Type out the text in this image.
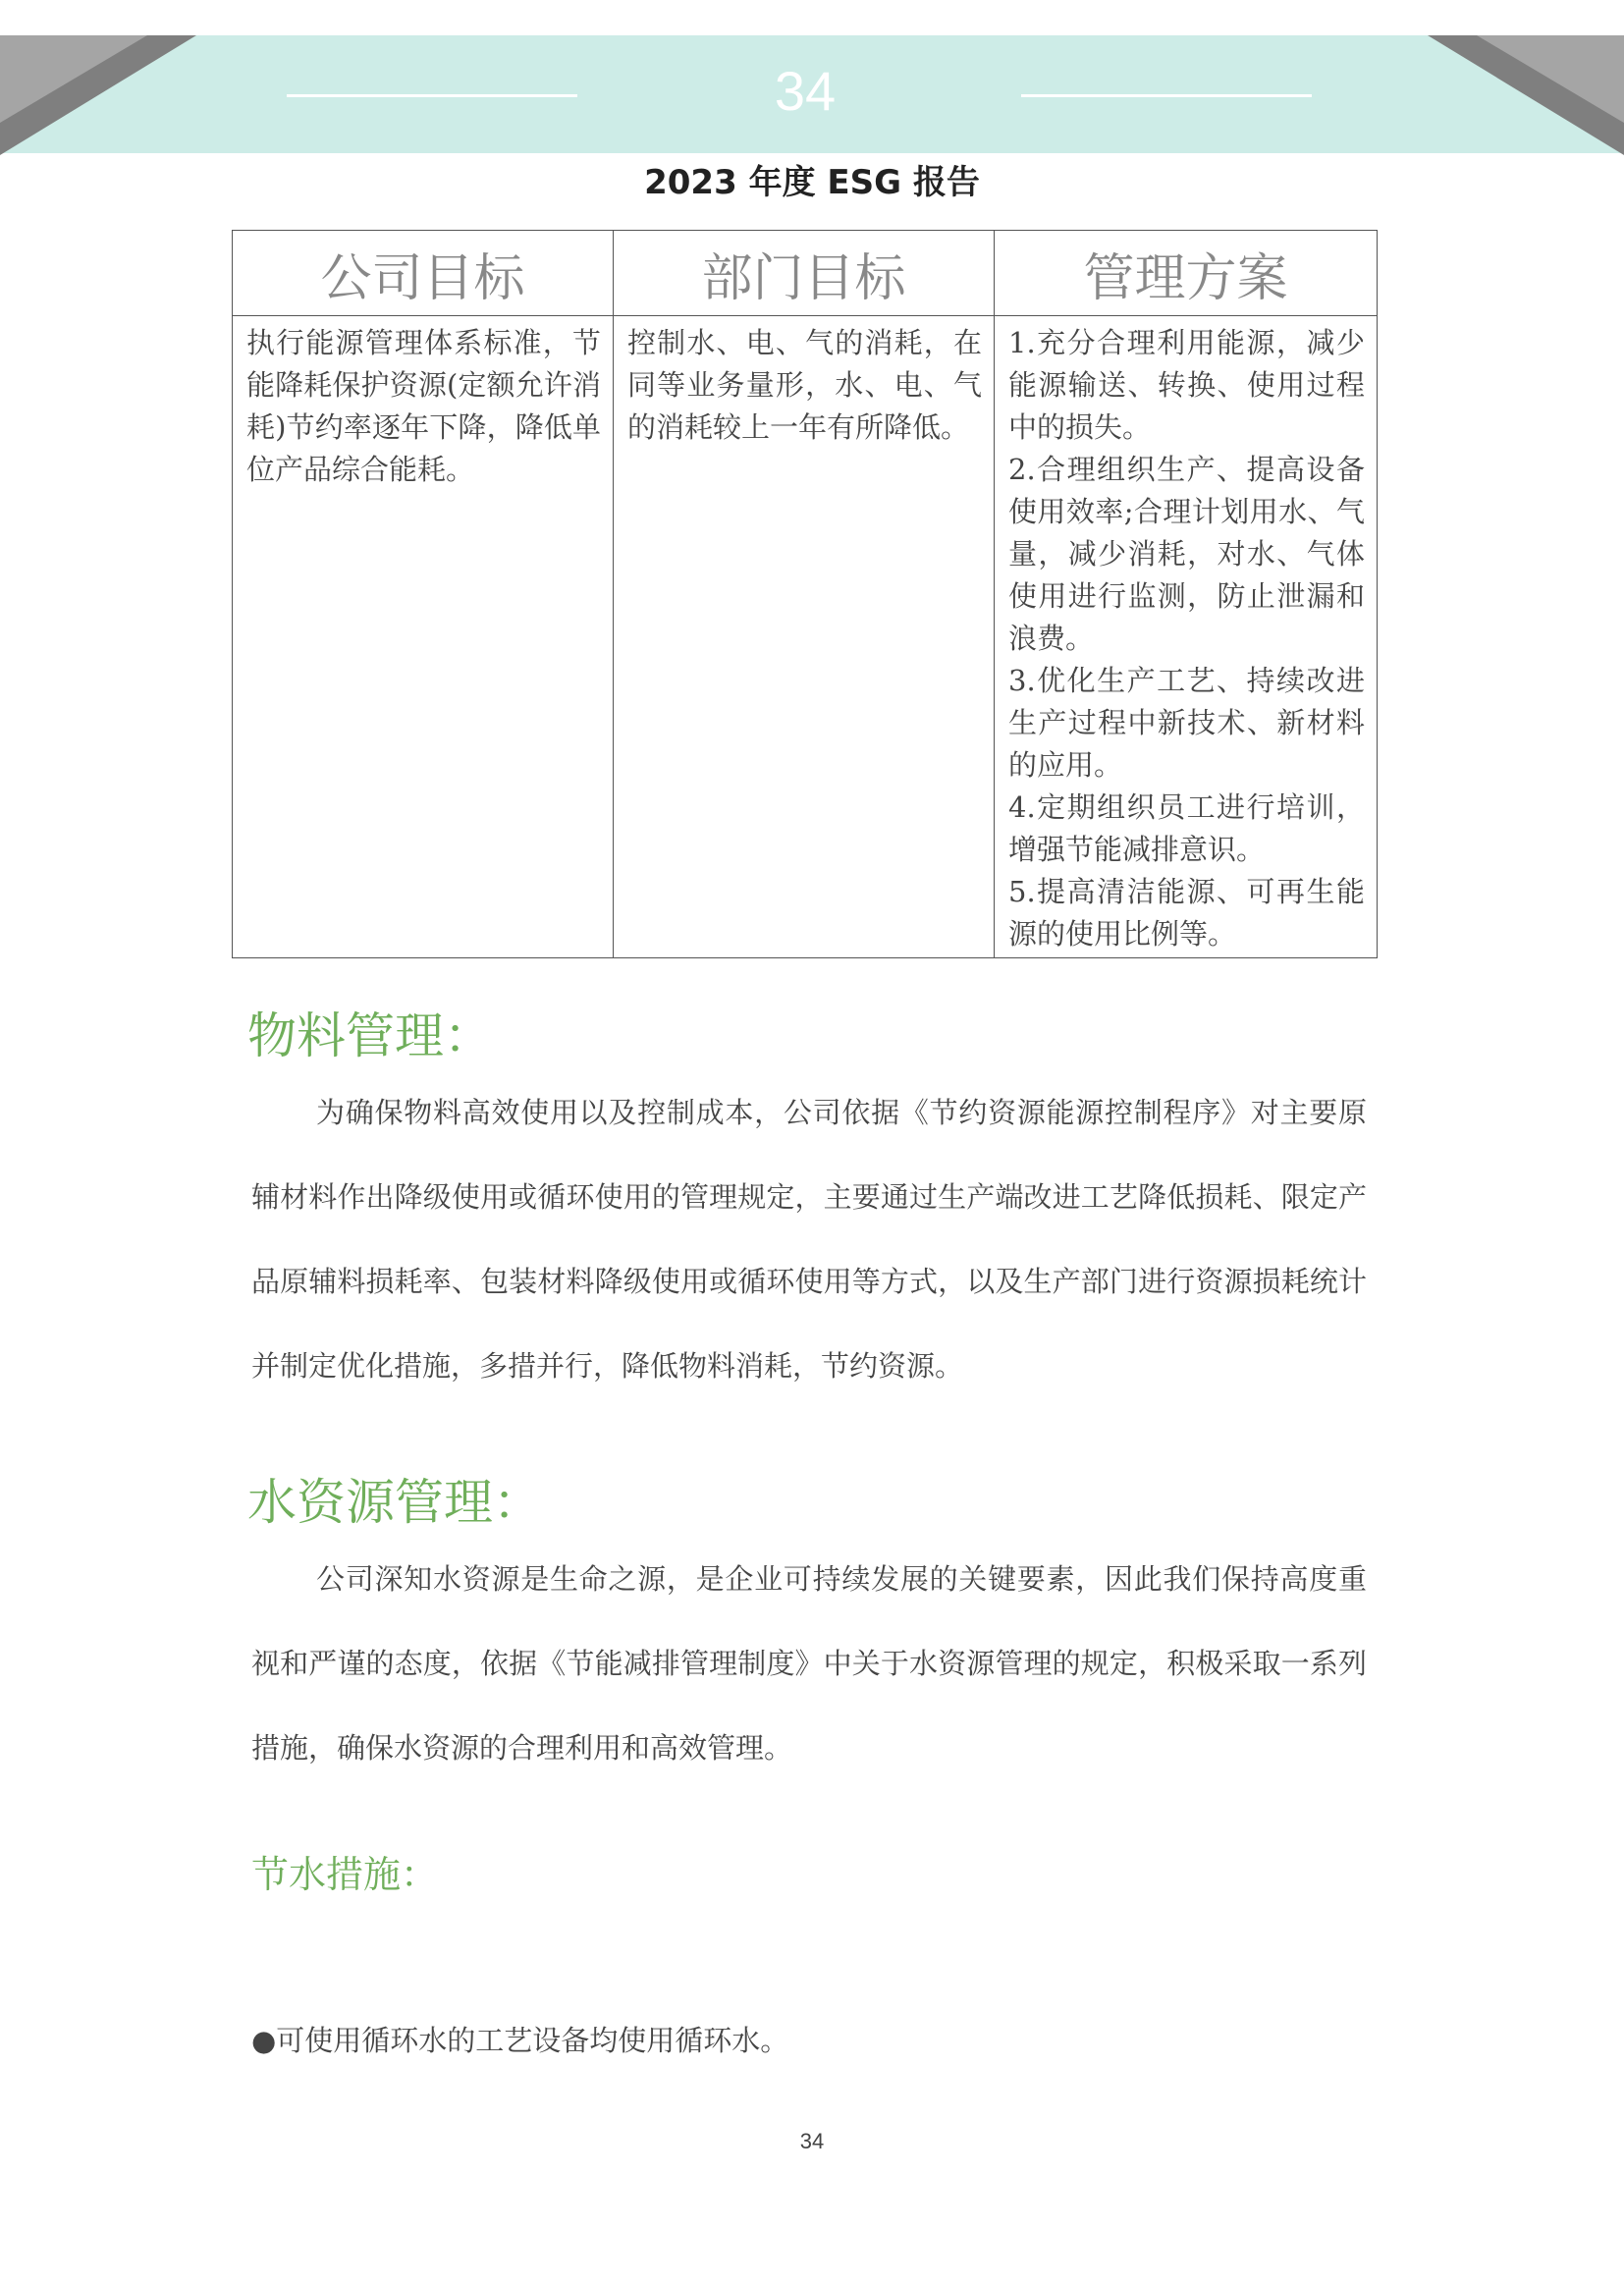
34
2023 年度 ESG 报告
公司目标	部门目标	管理方案
执行能源管理体系标准，节能降耗保护资源(定额允许消耗)节约率逐年下降，降低单位产品综合能耗。	控制水、电、气的消耗，在同等业务量形，水、电、气的消耗较上一年有所降低。	1.充分合理利用能源，减少能源输送、转换、使用过程中的损失。
2.合理组织生产、提高设备使用效率;合理计划用水、气量，减少消耗，对水、气体使用进行监测，防止泄漏和浪费。
3.优化生产工艺、持续改进生产过程中新技术、新材料的应用。
4.定期组织员工进行培训，增强节能减排意识。
5.提高清洁能源、可再生能源的使用比例等。
物料管理：

为确保物料高效使用以及控制成本，公司依据《节约资源能源控制程序》对主要原辅材料作出降级使用或循环使用的管理规定，主要通过生产端改进工艺降低损耗、限定产品原辅料损耗率、包装材料降级使用或循环使用等方式，以及生产部门进行资源损耗统计并制定优化措施，多措并行，降低物料消耗，节约资源。

水资源管理：

公司深知水资源是生命之源，是企业可持续发展的关键要素，因此我们保持高度重视和严谨的态度，依据《节能减排管理制度》中关于水资源管理的规定，积极采取一系列措施，确保水资源的合理利用和高效管理。

节水措施：
●可使用循环水的工艺设备均使用循环水。
34
